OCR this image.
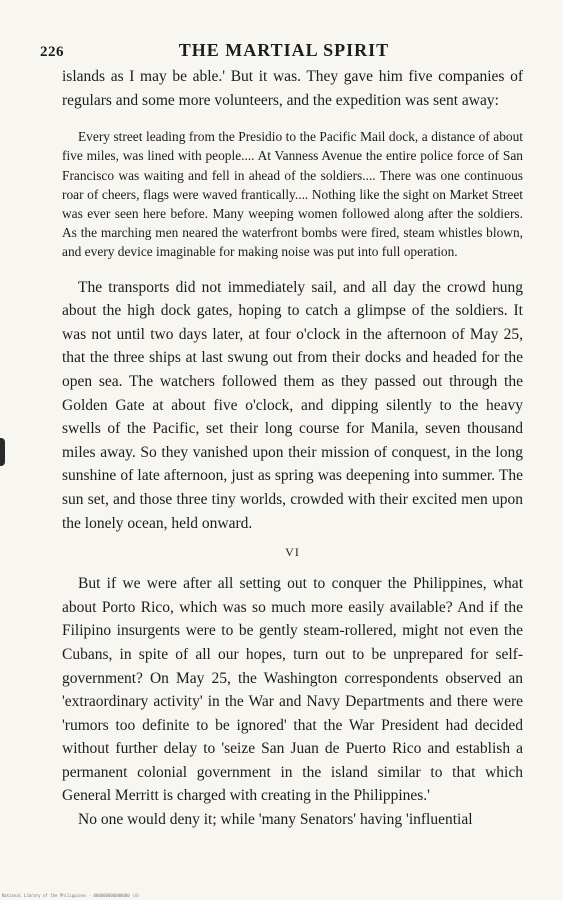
226	THE MARTIAL SPIRIT

islands as I may be able.' But it was. They gave him five companies of regulars and some more volunteers, and the expedition was sent away:

Every street leading from the Presidio to the Pacific Mail dock, a distance of about five miles, was lined with people.... At Vanness Avenue the entire police force of San Francisco was waiting and fell in ahead of the soldiers.... There was one continuous roar of cheers, flags were waved frantically.... Nothing like the sight on Market Street was ever seen here before. Many weeping women followed along after the soldiers. As the marching men neared the waterfront bombs were fired, steam whistles blown, and every device imaginable for making noise was put into full operation.

The transports did not immediately sail, and all day the crowd hung about the high dock gates, hoping to catch a glimpse of the soldiers. It was not until two days later, at four o'clock in the afternoon of May 25, that the three ships at last swung out from their docks and headed for the open sea. The watchers followed them as they passed out through the Golden Gate at about five o'clock, and dipping silently to the heavy swells of the Pacific, set their long course for Manila, seven thousand miles away. So they vanished upon their mission of conquest, in the long sunshine of late afternoon, just as spring was deepening into summer. The sun set, and those three tiny worlds, crowded with their excited men upon the lonely ocean, held onward.

VI

But if we were after all setting out to conquer the Philippines, what about Porto Rico, which was so much more easily available? And if the Filipino insurgents were to be gently steam-rollered, might not even the Cubans, in spite of all our hopes, turn out to be unprepared for self-government? On May 25, the Washington correspondents observed an 'extraordinary activity' in the War and Navy Departments and there were 'rumors too definite to be ignored' that the War President had decided without further delay to 'seize San Juan de Puerto Rico and establish a permanent colonial government in the island similar to that which General Merritt is charged with creating in the Philippines.'

No one would deny it; while 'many Senators' having 'influential

National Library of the Philippines · 000000000000000 (4)
